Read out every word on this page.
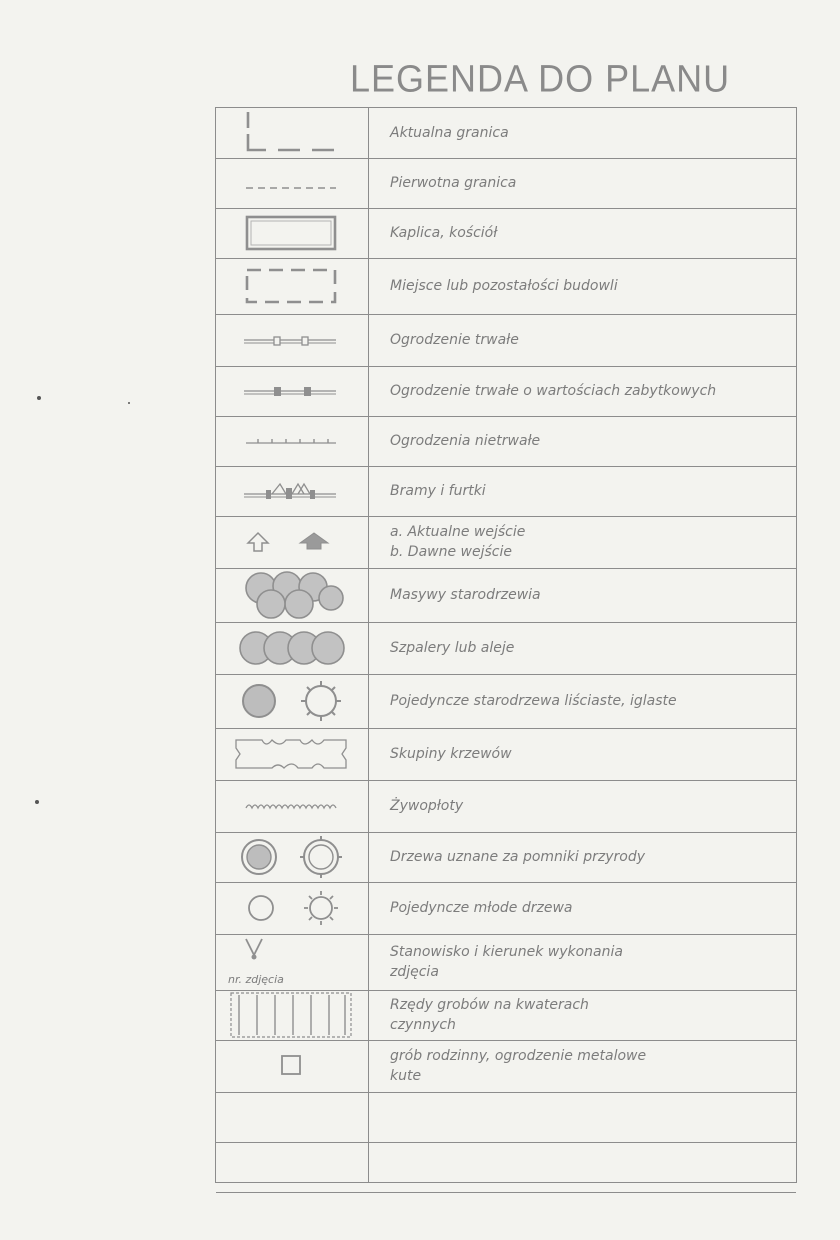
LEGENDA DO PLANU
Aktualna granica
Pierwotna granica
Kaplica, kościół
Miejsce lub pozostałości budowli
Ogrodzenie trwałe
Ogrodzenie trwałe o wartościach zabytkowych
Ogrodzenia nietrwałe
Bramy i furtki
a. Aktualne wejście
b. Dawne wejście
Masywy starodrzewia
Szpalery lub aleje
Pojedyncze starodrzewa liściaste, iglaste
Skupiny krzewów
Żywopłoty
Drzewa uznane za pomniki przyrody
Pojedyncze młode drzewa
nr. zdjęcia
Stanowisko i kierunek wykonania
zdjęcia
Rzędy grobów na kwaterach
czynnych
grób rodzinny, ogrodzenie metalowe
kute
